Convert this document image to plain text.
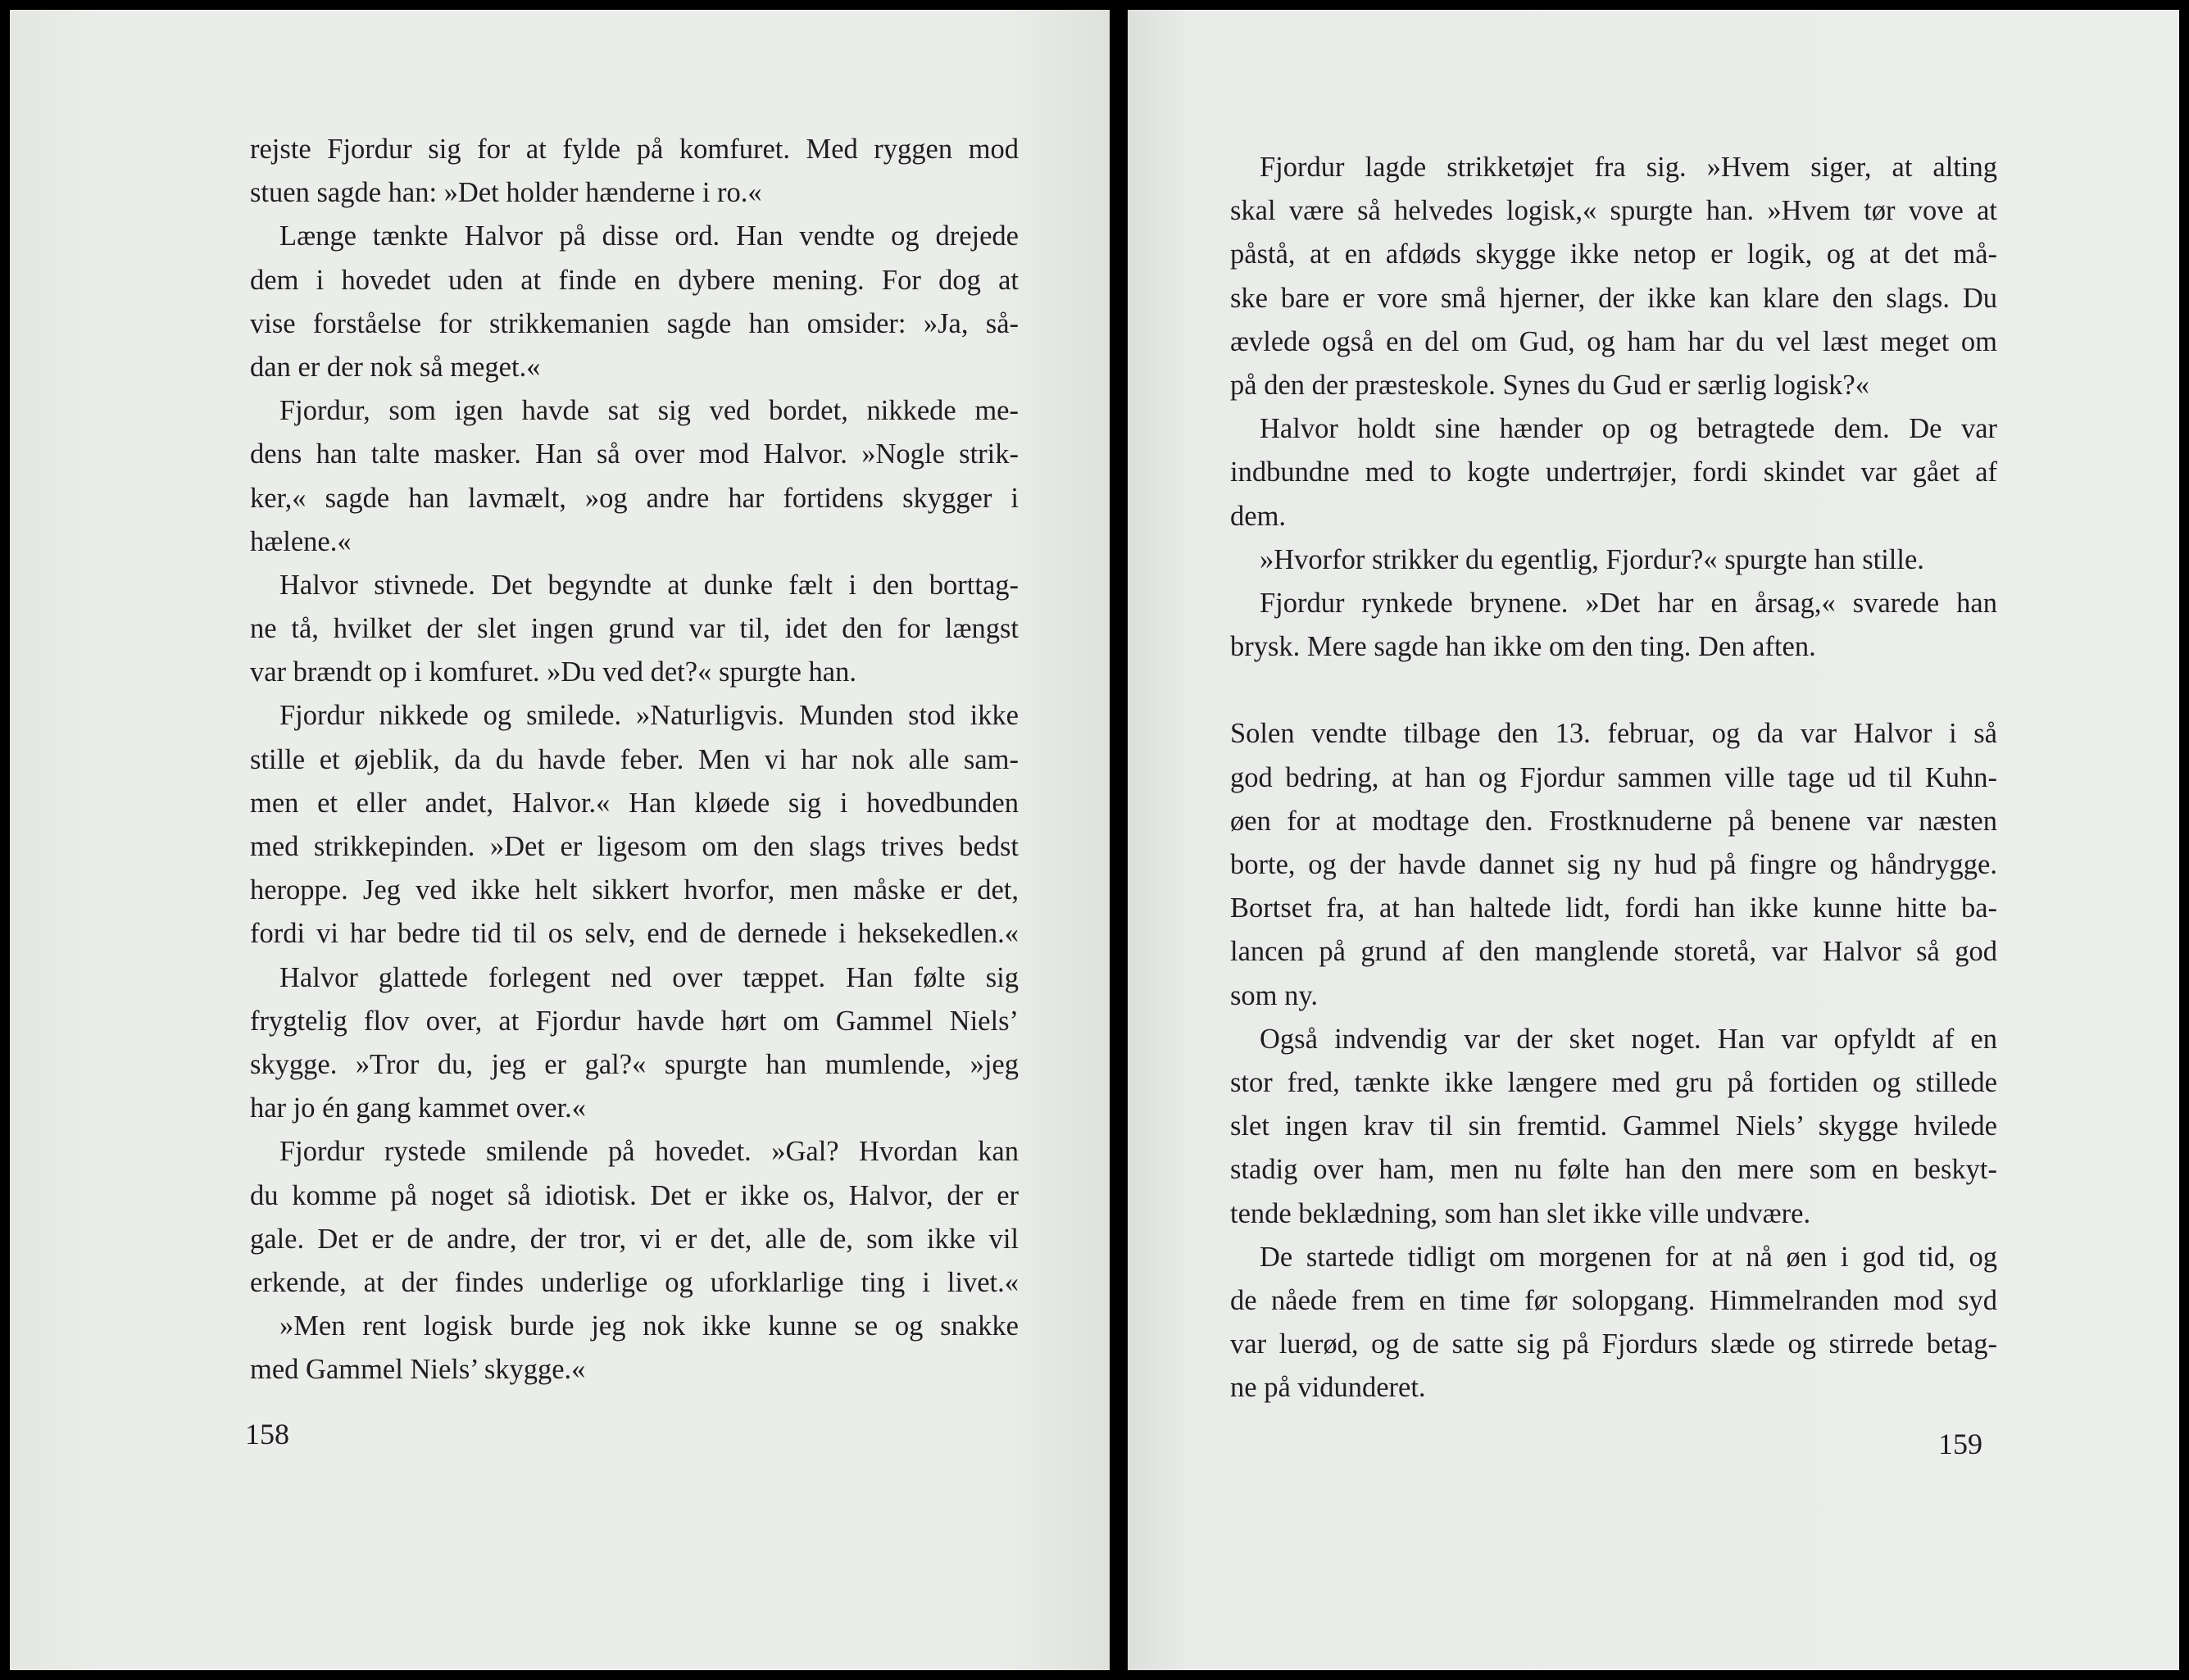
rejste Fjordur sig for at fylde på komfuret. Med ryggen mod
stuen sagde han: »Det holder hænderne i ro.«
Længe tænkte Halvor på disse ord. Han vendte og drejede
dem i hovedet uden at finde en dybere mening. For dog at
vise forståelse for strikkemanien sagde han omsider: »Ja, så-
dan er der nok så meget.«
Fjordur, som igen havde sat sig ved bordet, nikkede me-
dens han talte masker. Han så over mod Halvor. »Nogle strik-
ker,« sagde han lavmælt, »og andre har fortidens skygger i
hælene.«
Halvor stivnede. Det begyndte at dunke fælt i den borttag-
ne tå, hvilket der slet ingen grund var til, idet den for længst
var brændt op i komfuret. »Du ved det?« spurgte han.
Fjordur nikkede og smilede. »Naturligvis. Munden stod ikke
stille et øjeblik, da du havde feber. Men vi har nok alle sam-
men et eller andet, Halvor.« Han kløede sig i hovedbunden
med strikkepinden. »Det er ligesom om den slags trives bedst
heroppe. Jeg ved ikke helt sikkert hvorfor, men måske er det,
fordi vi har bedre tid til os selv, end de dernede i heksekedlen.«
Halvor glattede forlegent ned over tæppet. Han følte sig
frygtelig flov over, at Fjordur havde hørt om Gammel Niels’
skygge. »Tror du, jeg er gal?« spurgte han mumlende, »jeg
har jo én gang kammet over.«
Fjordur rystede smilende på hovedet. »Gal? Hvordan kan
du komme på noget så idiotisk. Det er ikke os, Halvor, der er
gale. Det er de andre, der tror, vi er det, alle de, som ikke vil
erkende, at der findes underlige og uforklarlige ting i livet.«
»Men rent logisk burde jeg nok ikke kunne se og snakke
med Gammel Niels’ skygge.«
158
Fjordur lagde strikketøjet fra sig. »Hvem siger, at alting
skal være så helvedes logisk,« spurgte han. »Hvem tør vove at
påstå, at en afdøds skygge ikke netop er logik, og at det må-
ske bare er vore små hjerner, der ikke kan klare den slags. Du
ævlede også en del om Gud, og ham har du vel læst meget om
på den der præsteskole. Synes du Gud er særlig logisk?«
Halvor holdt sine hænder op og betragtede dem. De var
indbundne med to kogte undertrøjer, fordi skindet var gået af
dem.
»Hvorfor strikker du egentlig, Fjordur?« spurgte han stille.
Fjordur rynkede brynene. »Det har en årsag,« svarede han
brysk. Mere sagde han ikke om den ting. Den aften.
Solen vendte tilbage den 13. februar, og da var Halvor i så
god bedring, at han og Fjordur sammen ville tage ud til Kuhn-
øen for at modtage den. Frostknuderne på benene var næsten
borte, og der havde dannet sig ny hud på fingre og håndrygge.
Bortset fra, at han haltede lidt, fordi han ikke kunne hitte ba-
lancen på grund af den manglende storetå, var Halvor så god
som ny.
Også indvendig var der sket noget. Han var opfyldt af en
stor fred, tænkte ikke længere med gru på fortiden og stillede
slet ingen krav til sin fremtid. Gammel Niels’ skygge hvilede
stadig over ham, men nu følte han den mere som en beskyt-
tende beklædning, som han slet ikke ville undvære.
De startede tidligt om morgenen for at nå øen i god tid, og
de nåede frem en time før solopgang. Himmelranden mod syd
var luerød, og de satte sig på Fjordurs slæde og stirrede betag-
ne på vidunderet.
159
